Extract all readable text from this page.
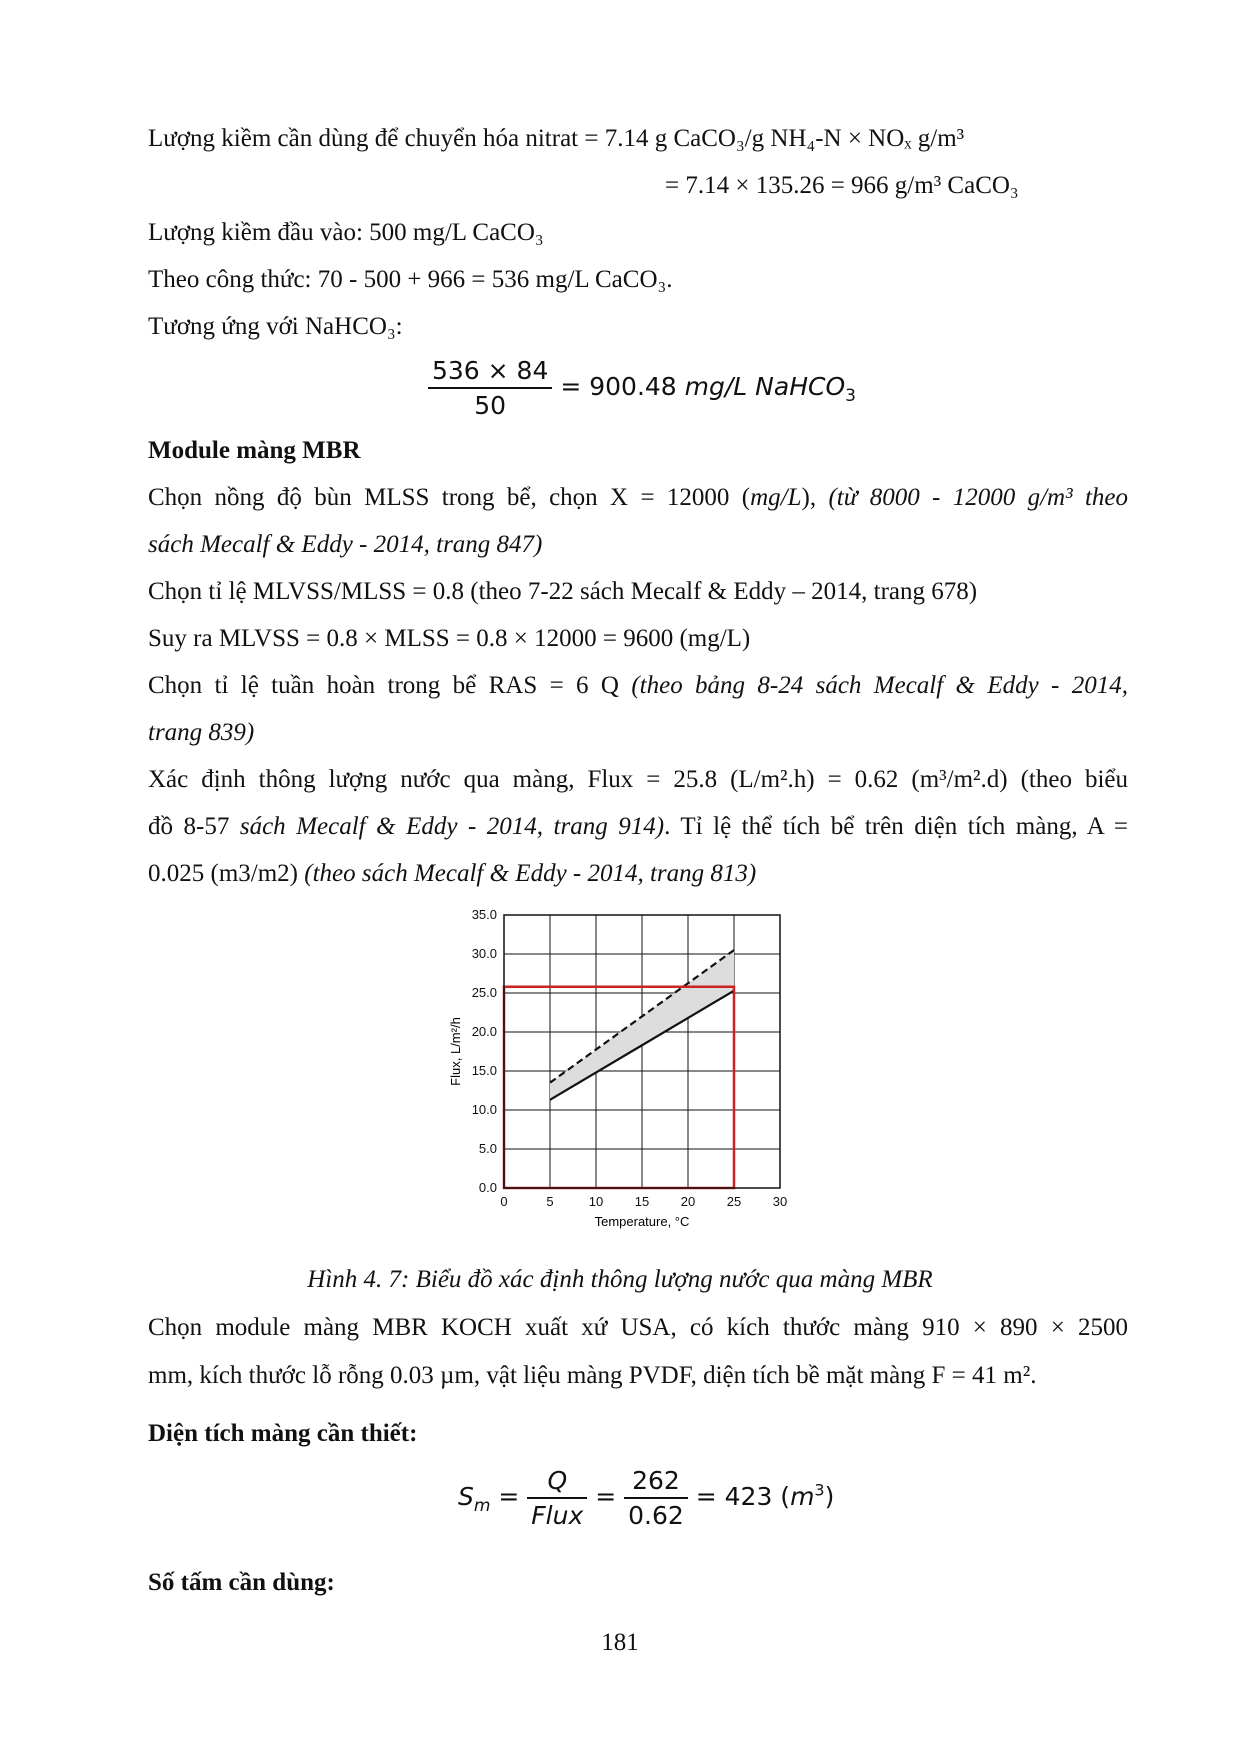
Lượng kiềm cần dùng để chuyển hóa nitrat = 7.14 g CaCO₃/g NH₄-N × NOₓ g/m³
= 7.14 × 135.26 = 966 g/m³ CaCO₃
Lượng kiềm đầu vào: 500 mg/L CaCO₃
Theo công thức: 70 - 500 + 966 = 536 mg/L CaCO₃.
Tương ứng với NaHCO₃:
$\frac{536 \times 84}{50} = 900.48$ mg/L NaHCO$_3$
Module màng MBR
Chọn nồng độ bùn MLSS trong bể, chọn X = 12000 (mg/L), (từ 8000 - 12000 g/m³ theo
sách Mecalf & Eddy - 2014, trang 847)
Chọn tỉ lệ MLVSS/MLSS = 0.8 (theo 7-22 sách Mecalf & Eddy – 2014, trang 678)
Suy ra MLVSS = 0.8 × MLSS = 0.8 × 12000 = 9600 (mg/L)
Chọn tỉ lệ tuần hoàn trong bể RAS = 6 Q (theo bảng 8-24 sách Mecalf & Eddy - 2014,
trang 839)
Xác định thông lượng nước qua màng, Flux = 25.8 (L/m².h) = 0.62 (m³/m².d) (theo biểu
đồ 8-57 sách Mecalf & Eddy - 2014, trang 914). Tỉ lệ thể tích bể trên diện tích màng, A =
0.025 (m3/m2) (theo sách Mecalf & Eddy - 2014, trang 813)
0	5	10 15 20 25 30
0.0
5.0
10.0
15.0
20.0
25.0
30.0
35.0
Temperature, °C
Flux, L/m²/h
Hình 4. 7: Biểu đồ xác định thông lượng nước qua màng MBR
Chọn module màng MBR KOCH xuất xứ USA, có kích thước màng 910 × 890 × 2500
mm, kích thước lỗ rỗng 0.03 µm, vật liệu màng PVDF, diện tích bề mặt màng F = 41 m².
Diện tích màng cần thiết:
$S_m = \frac{Q}{\text{Flux}} = \frac{262}{0.62} = 423$ $(m^3)$
Số tấm cần dùng:
181
